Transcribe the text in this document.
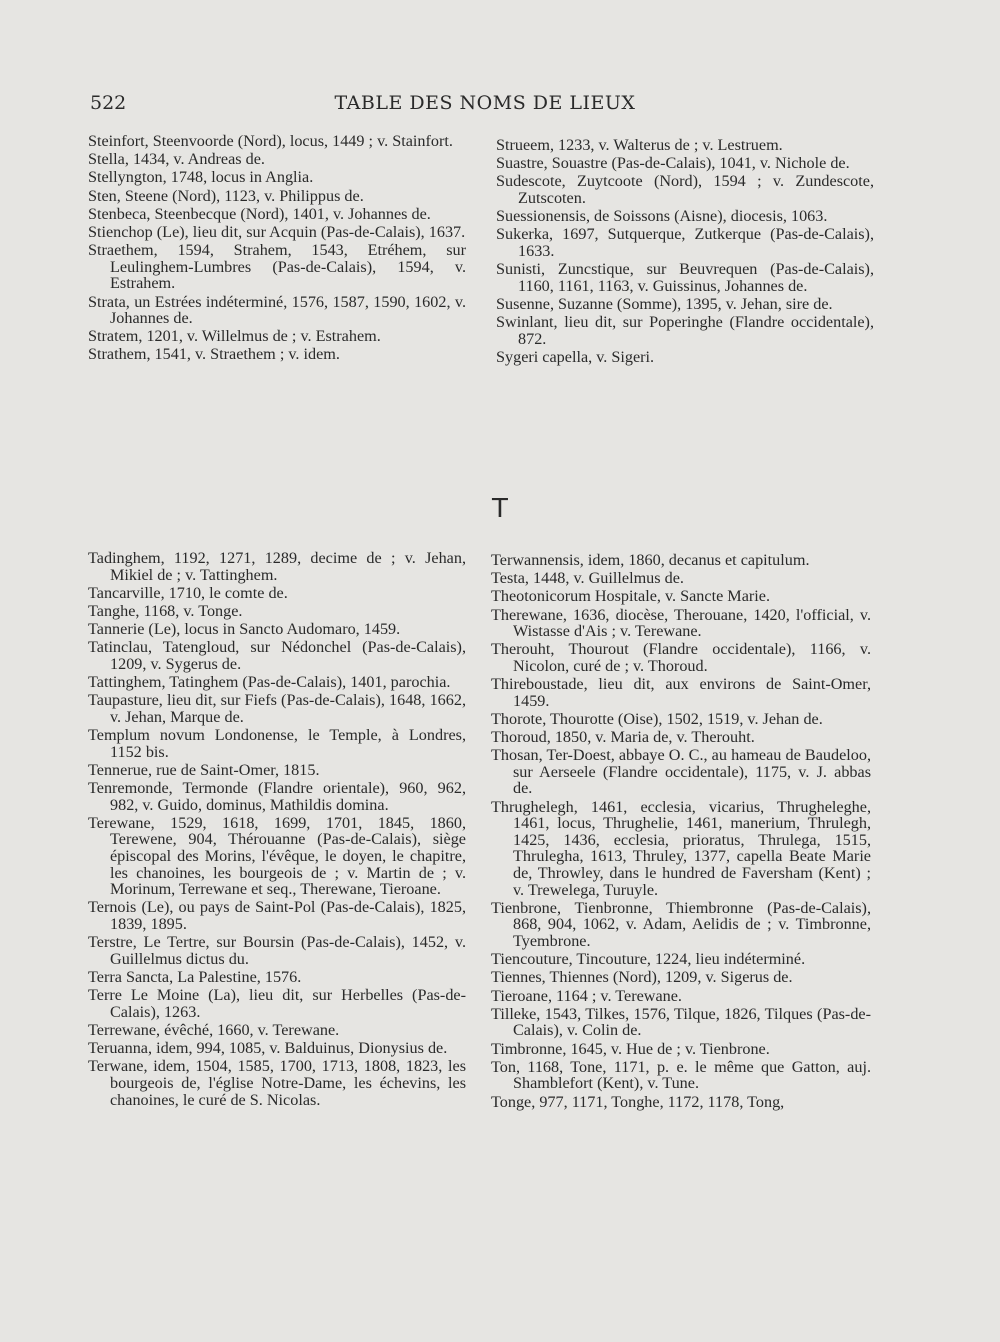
522	TABLE DES NOMS DE LIEUX

Steinfort, Steenvoorde (Nord), locus, 1449 ; v. Stainfort.

Stella, 1434, v. Andreas de.

Stellyngton, 1748, locus in Anglia.

Sten, Steene (Nord), 1123, v. Philippus de.

Stenbeca, Steenbecque (Nord), 1401, v. Johannes de.

Stienchop (Le), lieu dit, sur Acquin (Pas-de-Calais), 1637.

Straethem, 1594, Strahem, 1543, Etréhem, sur Leulinghem-Lumbres (Pas-de-Calais), 1594, v. Estrahem.

Strata, un Estrées indéterminé, 1576, 1587, 1590, 1602, v. Johannes de.

Stratem, 1201, v. Willelmus de ; v. Estrahem.

Strathem, 1541, v. Straethem ; v. idem.

Strueem, 1233, v. Walterus de ; v. Lestruem.

Suastre, Souastre (Pas-de-Calais), 1041, v. Nichole de.

Sudescote, Zuytcoote (Nord), 1594 ; v. Zundescote, Zutscoten.

Suessionensis, de Soissons (Aisne), diocesis, 1063.

Sukerka, 1697, Sutquerque, Zutkerque (Pas-de-Calais), 1633.

Sunisti, Zuncstique, sur Beuvrequen (Pas-de-Calais), 1160, 1161, 1163, v. Guissinus, Johannes de.

Susenne, Suzanne (Somme), 1395, v. Jehan, sire de.

Swinlant, lieu dit, sur Poperinghe (Flandre occidentale), 872.

Sygeri capella, v. Sigeri.

T

Tadinghem, 1192, 1271, 1289, decime de ; v. Jehan, Mikiel de ; v. Tattinghem.

Tancarville, 1710, le comte de.

Tanghe, 1168, v. Tonge.

Tannerie (Le), locus in Sancto Audomaro, 1459.

Tatinclau, Tatengloud, sur Nédonchel (Pas-de-Calais), 1209, v. Sygerus de.

Tattinghem, Tatinghem (Pas-de-Calais), 1401, parochia.

Taupasture, lieu dit, sur Fiefs (Pas-de-Calais), 1648, 1662, v. Jehan, Marque de.

Templum novum Londonense, le Temple, à Londres, 1152 bis.

Tennerue, rue de Saint-Omer, 1815.

Tenremonde, Termonde (Flandre orientale), 960, 962, 982, v. Guido, dominus, Mathildis domina.

Terewane, 1529, 1618, 1699, 1701, 1845, 1860, Terewene, 904, Thérouanne (Pas-de-Calais), siège épiscopal des Morins, l'évêque, le doyen, le chapitre, les chanoines, les bourgeois de ; v. Martin de ; v. Morinum, Terrewane et seq., Therewane, Tieroane.

Ternois (Le), ou pays de Saint-Pol (Pas-de-Calais), 1825, 1839, 1895.

Terstre, Le Tertre, sur Boursin (Pas-de-Calais), 1452, v. Guillelmus dictus du.

Terra Sancta, La Palestine, 1576.

Terre Le Moine (La), lieu dit, sur Herbelles (Pas-de-Calais), 1263.

Terrewane, évêché, 1660, v. Terewane.

Teruanna, idem, 994, 1085, v. Balduinus, Dionysius de.

Terwane, idem, 1504, 1585, 1700, 1713, 1808, 1823, les bourgeois de, l'église Notre-Dame, les échevins, les chanoines, le curé de S. Nicolas.

Terwannensis, idem, 1860, decanus et capitulum.

Testa, 1448, v. Guillelmus de.

Theotonicorum Hospitale, v. Sancte Marie.

Therewane, 1636, diocèse, Therouane, 1420, l'official, v. Wistasse d'Ais ; v. Terewane.

Therouht, Thourout (Flandre occidentale), 1166, v. Nicolon, curé de ; v. Thoroud.

Thireboustade, lieu dit, aux environs de Saint-Omer, 1459.

Thorote, Thourotte (Oise), 1502, 1519, v. Jehan de.

Thoroud, 1850, v. Maria de, v. Therouht.

Thosan, Ter-Doest, abbaye O. C., au hameau de Baudeloo, sur Aerseele (Flandre occidentale), 1175, v. J. abbas de.

Thrughelegh, 1461, ecclesia, vicarius, Thrugheleghe, 1461, locus, Thrughelie, 1461, manerium, Thrulegh, 1425, 1436, ecclesia, prioratus, Thrulega, 1515, Thrulegha, 1613, Thruley, 1377, capella Beate Marie de, Throwley, dans le hundred de Faversham (Kent) ; v. Trewelega, Turuyle.

Tienbrone, Tienbronne, Thiembronne (Pas-de-Calais), 868, 904, 1062, v. Adam, Aelidis de ; v. Timbronne, Tyembrone.

Tiencouture, Tincouture, 1224, lieu indéterminé.

Tiennes, Thiennes (Nord), 1209, v. Sigerus de.

Tieroane, 1164 ; v. Terewane.

Tilleke, 1543, Tilkes, 1576, Tilque, 1826, Tilques (Pas-de-Calais), v. Colin de.

Timbronne, 1645, v. Hue de ; v. Tienbrone.

Ton, 1168, Tone, 1171, p. e. le même que Gatton, auj. Shamblefort (Kent), v. Tune.

Tonge, 977, 1171, Tonghe, 1172, 1178, Tong,
